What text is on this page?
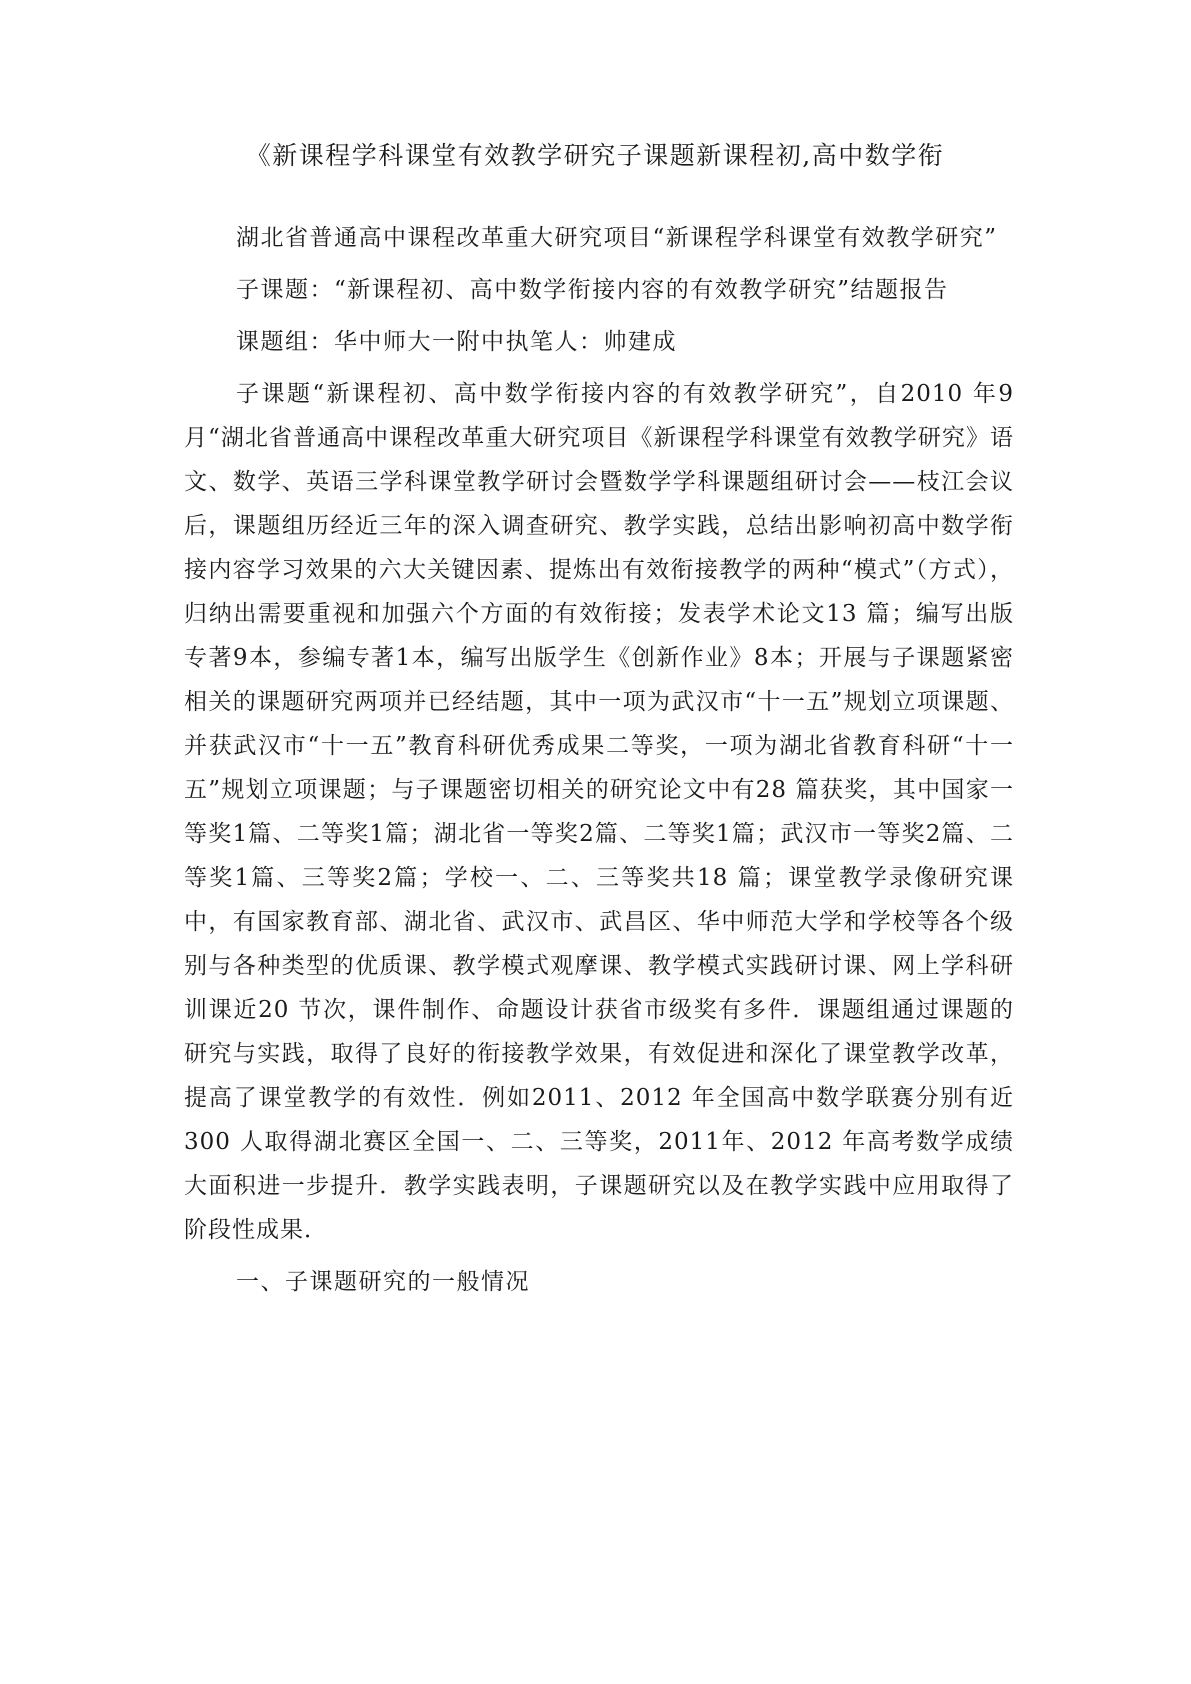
《新课程学科课堂有效教学研究子课题新课程初,高中数学衔

湖北省普通高中课程改革重大研究项目“新课程学科课堂有效教学研究”

子课题：“新课程初、高中数学衔接内容的有效教学研究”结题报告

课题组：华中师大一附中执笔人：帅建成

子课题“新课程初、高中数学衔接内容的有效教学研究”，自2010 年9月“湖北省普通高中课程改革重大研究项目《新课程学科课堂有效教学研究》语文、数学、英语三学科课堂教学研讨会暨数学学科课题组研讨会——枝江会议后，课题组历经近三年的深入调查研究、教学实践，总结出影响初高中数学衔接内容学习效果的六大关键因素、提炼出有效衔接教学的两种“模式”（方式），归纳出需要重视和加强六个方面的有效衔接；发表学术论文13 篇；编写出版专著9本，参编专著1本，编写出版学生《创新作业》8本；开展与子课题紧密相关的课题研究两项并已经结题，其中一项为武汉市“十一五”规划立项课题、并获武汉市“十一五”教育科研优秀成果二等奖，一项为湖北省教育科研“十一五”规划立项课题；与子课题密切相关的研究论文中有28 篇获奖，其中国家一等奖1篇、二等奖1篇；湖北省一等奖2篇、二等奖1篇；武汉市一等奖2篇、二等奖1篇、三等奖2篇；学校一、二、三等奖共18 篇；课堂教学录像研究课中，有国家教育部、湖北省、武汉市、武昌区、华中师范大学和学校等各个级别与各种类型的优质课、教学模式观摩课、教学模式实践研讨课、网上学科研训课近20 节次，课件制作、命题设计获省市级奖有多件．课题组通过课题的研究与实践，取得了良好的衔接教学效果，有效促进和深化了课堂教学改革，提高了课堂教学的有效性．例如2011、2012 年全国高中数学联赛分别有近300 人取得湖北赛区全国一、二、三等奖，2011年、2012 年高考数学成绩大面积进一步提升．教学实践表明，子课题研究以及在教学实践中应用取得了阶段性成果．

一、子课题研究的一般情况
